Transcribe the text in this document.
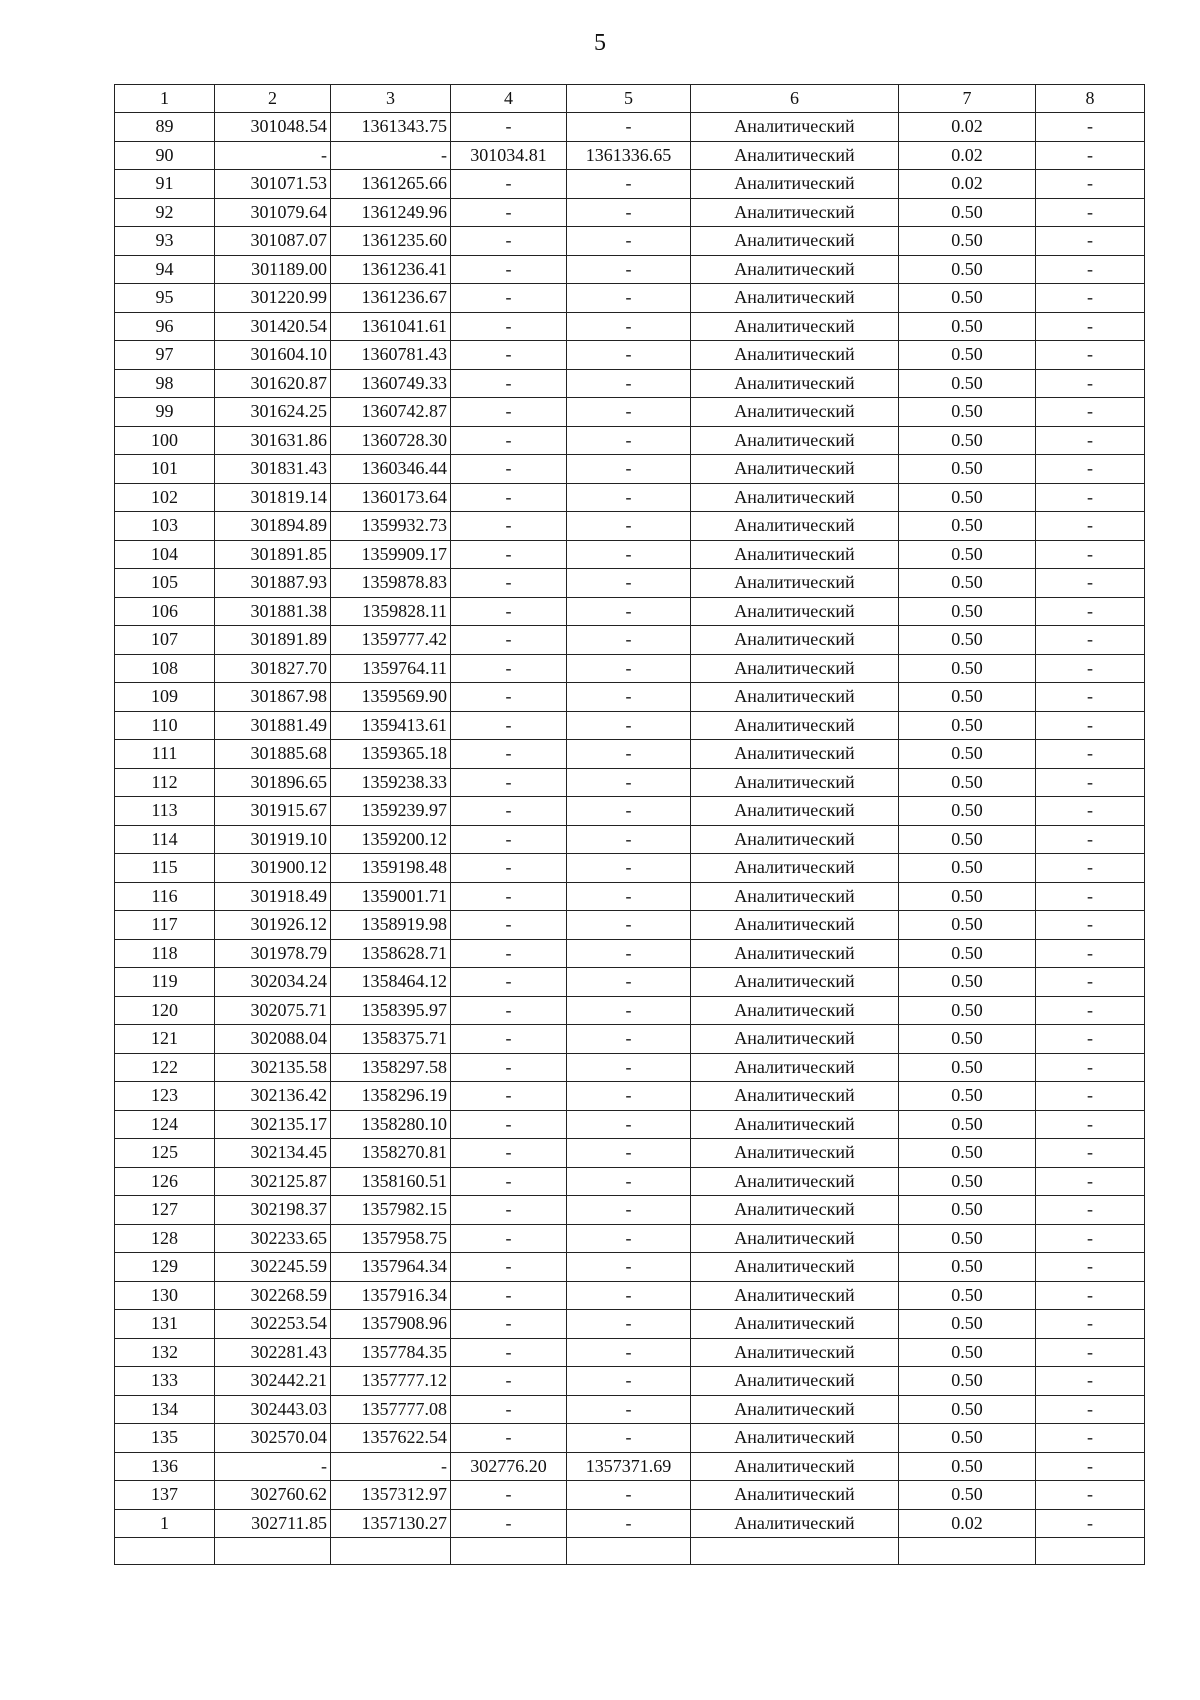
5
1	2	3	4	5	6	7	8
89	301048.54	1361343.75	-	-	Аналитический	0.02	-
90	-	-	301034.81	1361336.65	Аналитический	0.02	-
91	301071.53	1361265.66	-	-	Аналитический	0.02	-
92	301079.64	1361249.96	-	-	Аналитический	0.50	-
93	301087.07	1361235.60	-	-	Аналитический	0.50	-
94	301189.00	1361236.41	-	-	Аналитический	0.50	-
95	301220.99	1361236.67	-	-	Аналитический	0.50	-
96	301420.54	1361041.61	-	-	Аналитический	0.50	-
97	301604.10	1360781.43	-	-	Аналитический	0.50	-
98	301620.87	1360749.33	-	-	Аналитический	0.50	-
99	301624.25	1360742.87	-	-	Аналитический	0.50	-
100	301631.86	1360728.30	-	-	Аналитический	0.50	-
101	301831.43	1360346.44	-	-	Аналитический	0.50	-
102	301819.14	1360173.64	-	-	Аналитический	0.50	-
103	301894.89	1359932.73	-	-	Аналитический	0.50	-
104	301891.85	1359909.17	-	-	Аналитический	0.50	-
105	301887.93	1359878.83	-	-	Аналитический	0.50	-
106	301881.38	1359828.11	-	-	Аналитический	0.50	-
107	301891.89	1359777.42	-	-	Аналитический	0.50	-
108	301827.70	1359764.11	-	-	Аналитический	0.50	-
109	301867.98	1359569.90	-	-	Аналитический	0.50	-
110	301881.49	1359413.61	-	-	Аналитический	0.50	-
111	301885.68	1359365.18	-	-	Аналитический	0.50	-
112	301896.65	1359238.33	-	-	Аналитический	0.50	-
113	301915.67	1359239.97	-	-	Аналитический	0.50	-
114	301919.10	1359200.12	-	-	Аналитический	0.50	-
115	301900.12	1359198.48	-	-	Аналитический	0.50	-
116	301918.49	1359001.71	-	-	Аналитический	0.50	-
117	301926.12	1358919.98	-	-	Аналитический	0.50	-
118	301978.79	1358628.71	-	-	Аналитический	0.50	-
119	302034.24	1358464.12	-	-	Аналитический	0.50	-
120	302075.71	1358395.97	-	-	Аналитический	0.50	-
121	302088.04	1358375.71	-	-	Аналитический	0.50	-
122	302135.58	1358297.58	-	-	Аналитический	0.50	-
123	302136.42	1358296.19	-	-	Аналитический	0.50	-
124	302135.17	1358280.10	-	-	Аналитический	0.50	-
125	302134.45	1358270.81	-	-	Аналитический	0.50	-
126	302125.87	1358160.51	-	-	Аналитический	0.50	-
127	302198.37	1357982.15	-	-	Аналитический	0.50	-
128	302233.65	1357958.75	-	-	Аналитический	0.50	-
129	302245.59	1357964.34	-	-	Аналитический	0.50	-
130	302268.59	1357916.34	-	-	Аналитический	0.50	-
131	302253.54	1357908.96	-	-	Аналитический	0.50	-
132	302281.43	1357784.35	-	-	Аналитический	0.50	-
133	302442.21	1357777.12	-	-	Аналитический	0.50	-
134	302443.03	1357777.08	-	-	Аналитический	0.50	-
135	302570.04	1357622.54	-	-	Аналитический	0.50	-
136	-	-	302776.20	1357371.69	Аналитический	0.50	-
137	302760.62	1357312.97	-	-	Аналитический	0.50	-
1	302711.85	1357130.27	-	-	Аналитический	0.02	-
